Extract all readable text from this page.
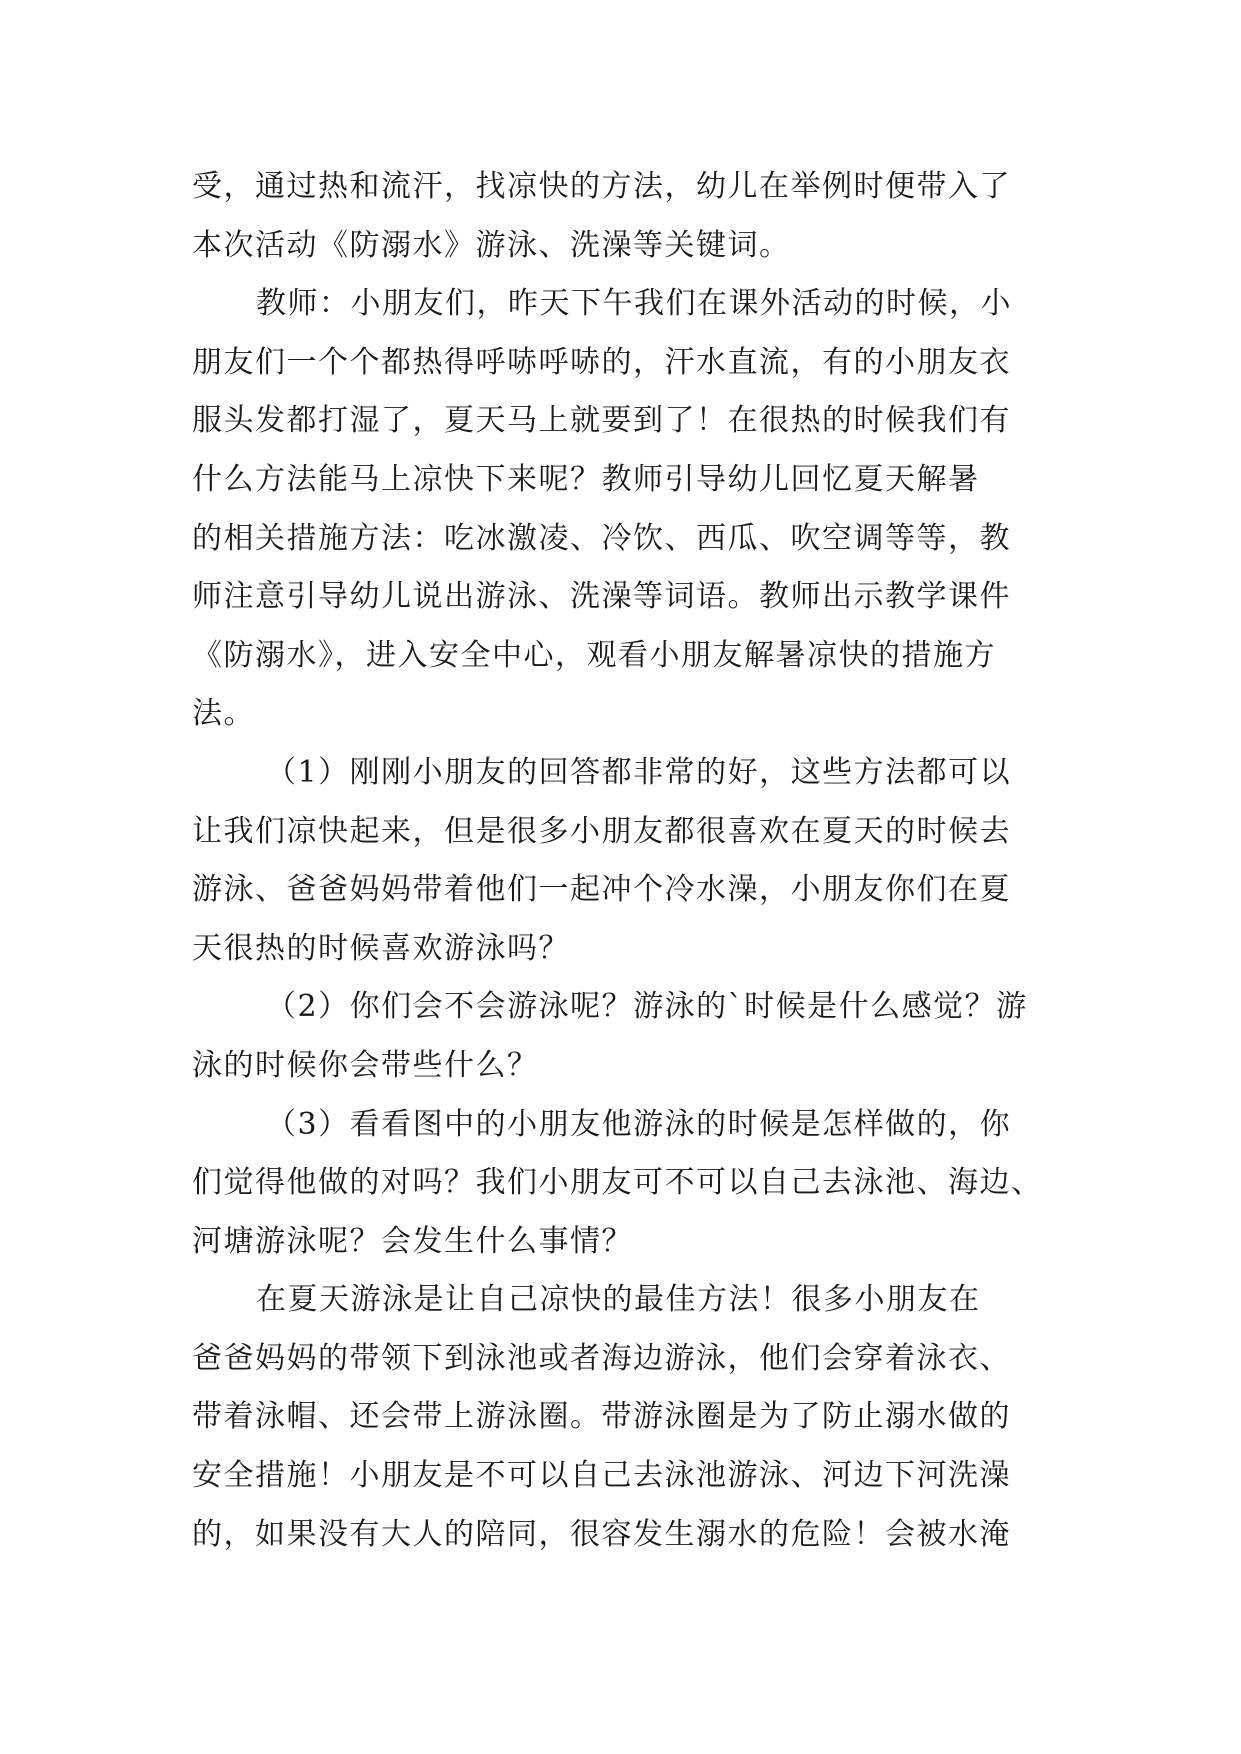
受，通过热和流汗，找凉快的方法，幼儿在举例时便带入了
本次活动《防溺水》游泳、洗澡等关键词。
教师：小朋友们，昨天下午我们在课外活动的时候，小
朋友们一个个都热得呼哧呼哧的，汗水直流，有的小朋友衣
服头发都打湿了，夏天马上就要到了！在很热的时候我们有
什么方法能马上凉快下来呢？教师引导幼儿回忆夏天解暑
的相关措施方法：吃冰激凌、冷饮、西瓜、吹空调等等，教
师注意引导幼儿说出游泳、洗澡等词语。教师出示教学课件
《防溺水》，进入安全中心，观看小朋友解暑凉快的措施方
法。
（1）刚刚小朋友的回答都非常的好，这些方法都可以
让我们凉快起来，但是很多小朋友都很喜欢在夏天的时候去
游泳、爸爸妈妈带着他们一起冲个冷水澡，小朋友你们在夏
天很热的时候喜欢游泳吗？
（2）你们会不会游泳呢？游泳的`时候是什么感觉？游
泳的时候你会带些什么？
（3）看看图中的小朋友他游泳的时候是怎样做的，你
们觉得他做的对吗？我们小朋友可不可以自己去泳池、海边、
河塘游泳呢？会发生什么事情？
在夏天游泳是让自己凉快的最佳方法！很多小朋友在
爸爸妈妈的带领下到泳池或者海边游泳，他们会穿着泳衣、
带着泳帽、还会带上游泳圈。带游泳圈是为了防止溺水做的
安全措施！小朋友是不可以自己去泳池游泳、河边下河洗澡
的，如果没有大人的陪同，很容发生溺水的危险！会被水淹
